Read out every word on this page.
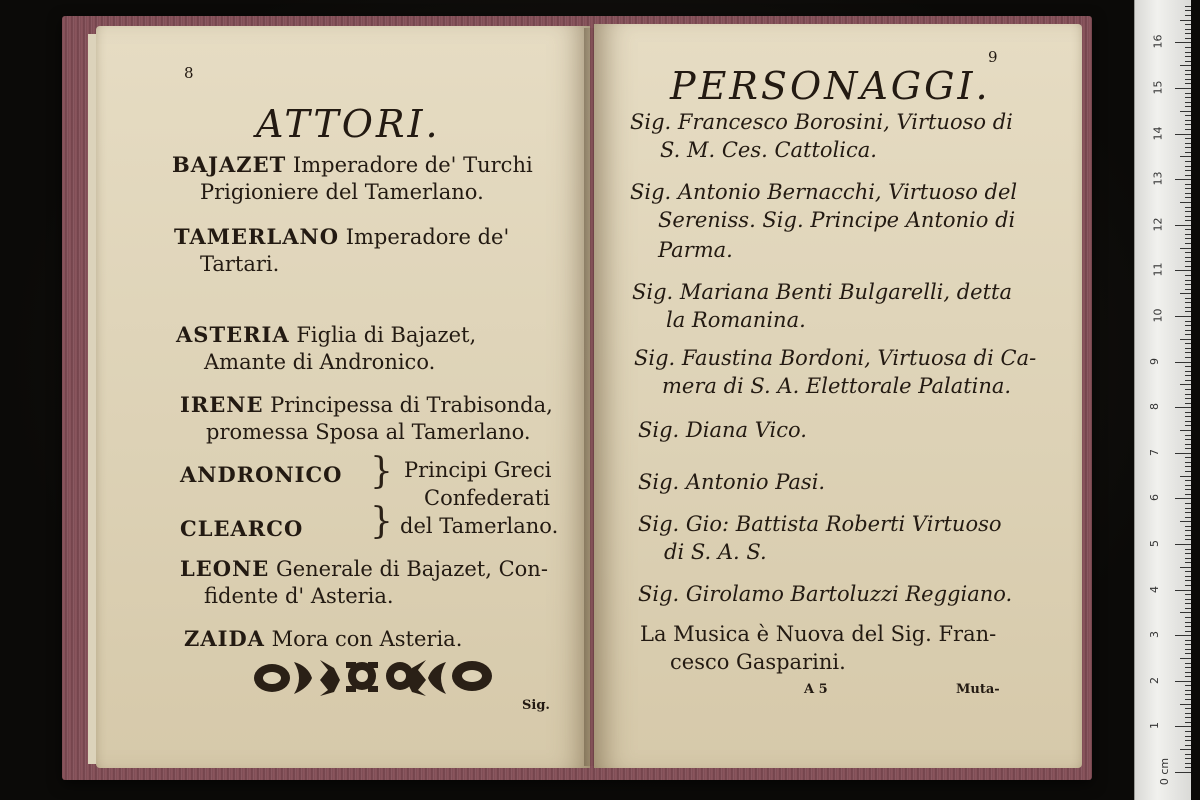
8
ATTORI.
BAJAZET Imperadore de' Turchi
Prigioniere del Tamerlano.
TAMERLANO Imperadore de'
Tartari.
ASTERIA Figlia di Bajazet,
Amante di Andronico.
IRENE Principessa di Trabisonda,
promessa Sposa al Tamerlano.
ANDRONICO
CLEARCO
}
}
Principi Greci
Confederati
del Tamerlano.
LEONE Generale di Bajazet, Con-
fidente d' Asteria.
ZAIDA Mora con Asteria.
Sig.
9
PERSONAGGI.
Sig. Francesco Borosini, Virtuoso di
S. M. Ces. Cattolica.
Sig. Antonio Bernacchi, Virtuoso del
Sereniss. Sig. Principe Antonio di
Parma.
Sig. Mariana Benti Bulgarelli, detta
la Romanina.
Sig. Faustina Bordoni, Virtuosa di Ca-
mera di S. A. Elettorale Palatina.
Sig. Diana Vico.
Sig. Antonio Pasi.
Sig. Gio: Battista Roberti Virtuoso
di S. A. S.
Sig. Girolamo Bartoluzzi Reggiano.
La Musica è Nuova del Sig. Fran-
cesco Gasparini.
A 5	Muta-
0 cm
1
2
3
4
5
6
7
8
9
10
11
12
13
14
15
16
